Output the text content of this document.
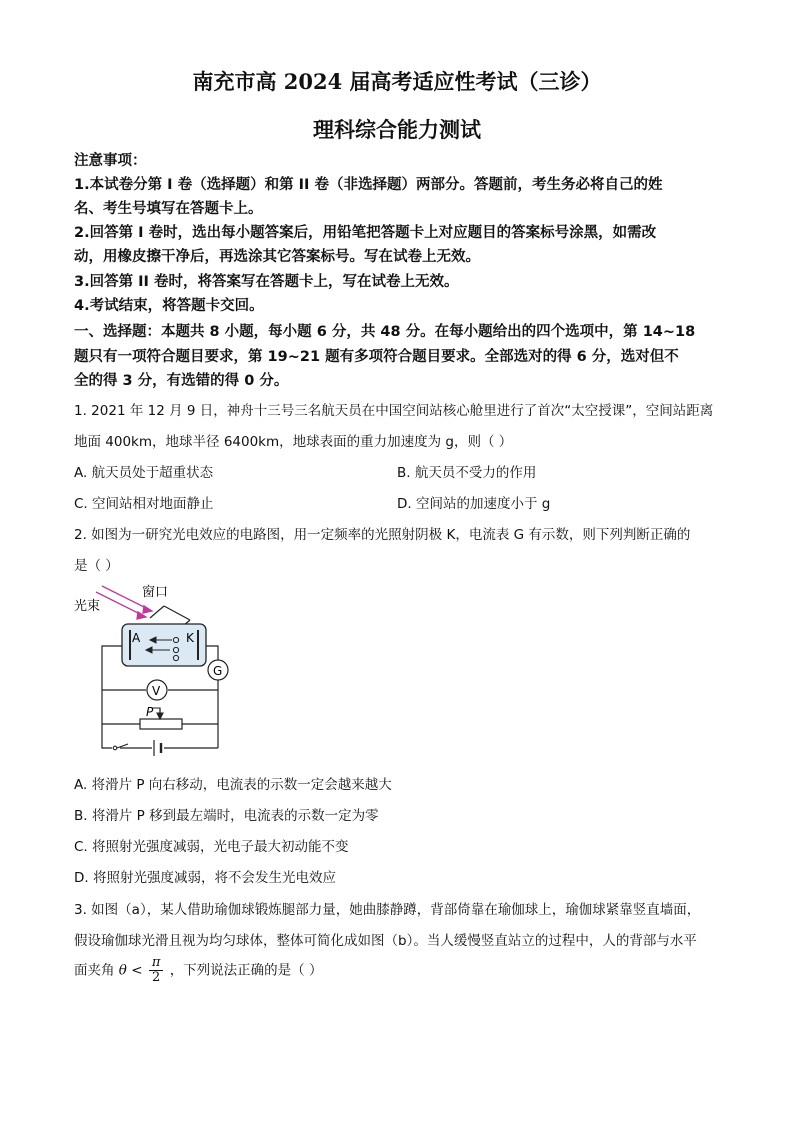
南充市高 2024 届高考适应性考试（三诊）
理科综合能力测试
注意事项：
1.本试卷分第 I 卷（选择题）和第 II 卷（非选择题）两部分。答题前，考生务必将自己的姓
名、考生号填写在答题卡上。
2.回答第 I 卷时，选出每小题答案后，用铅笔把答题卡上对应题目的答案标号涂黑，如需改
动，用橡皮擦干净后，再选涂其它答案标号。写在试卷上无效。
3.回答第 II 卷时，将答案写在答题卡上，写在试卷上无效。
4.考试结束，将答题卡交回。
一、选择题：本题共 8 小题，每小题 6 分，共 48 分。在每小题给出的四个选项中，第 14~18
题只有一项符合题目要求，第 19~21 题有多项符合题目要求。全部选对的得 6 分，选对但不
全的得 3 分，有选错的得 0 分。
1. 2021 年 12 月 9 日，神舟十三号三名航天员在中国空间站核心舱里进行了首次“太空授课”，空间站距离
地面 400km，地球半径 6400km，地球表面的重力加速度为 g，则（ ）
A. 航天员处于超重状态	B. 航天员不受力的作用
C. 空间站相对地面静止	D. 空间站的加速度小于 g
2. 如图为一研究光电效应的电路图，用一定频率的光照射阴极 K，电流表 G 有示数，则下列判断正确的
是（ ）
光束
窗口
A	K
G
V
P
A. 将滑片 P 向右移动，电流表的示数一定会越来越大
B. 将滑片 P 移到最左端时，电流表的示数一定为零
C. 将照射光强度减弱，光电子最大初动能不变
D. 将照射光强度减弱，将不会发生光电效应
3. 如图（a），某人借助瑜伽球锻炼腿部力量，她曲膝静蹲，背部倚靠在瑜伽球上，瑜伽球紧靠竖直墙面，
假设瑜伽球光滑且视为均匀球体，整体可简化成如图（b）。当人缓慢竖直站立的过程中，人的背部与水平
面夹角 $\theta < \frac{\pi}{2}$ ，下列说法正确的是（ ）
